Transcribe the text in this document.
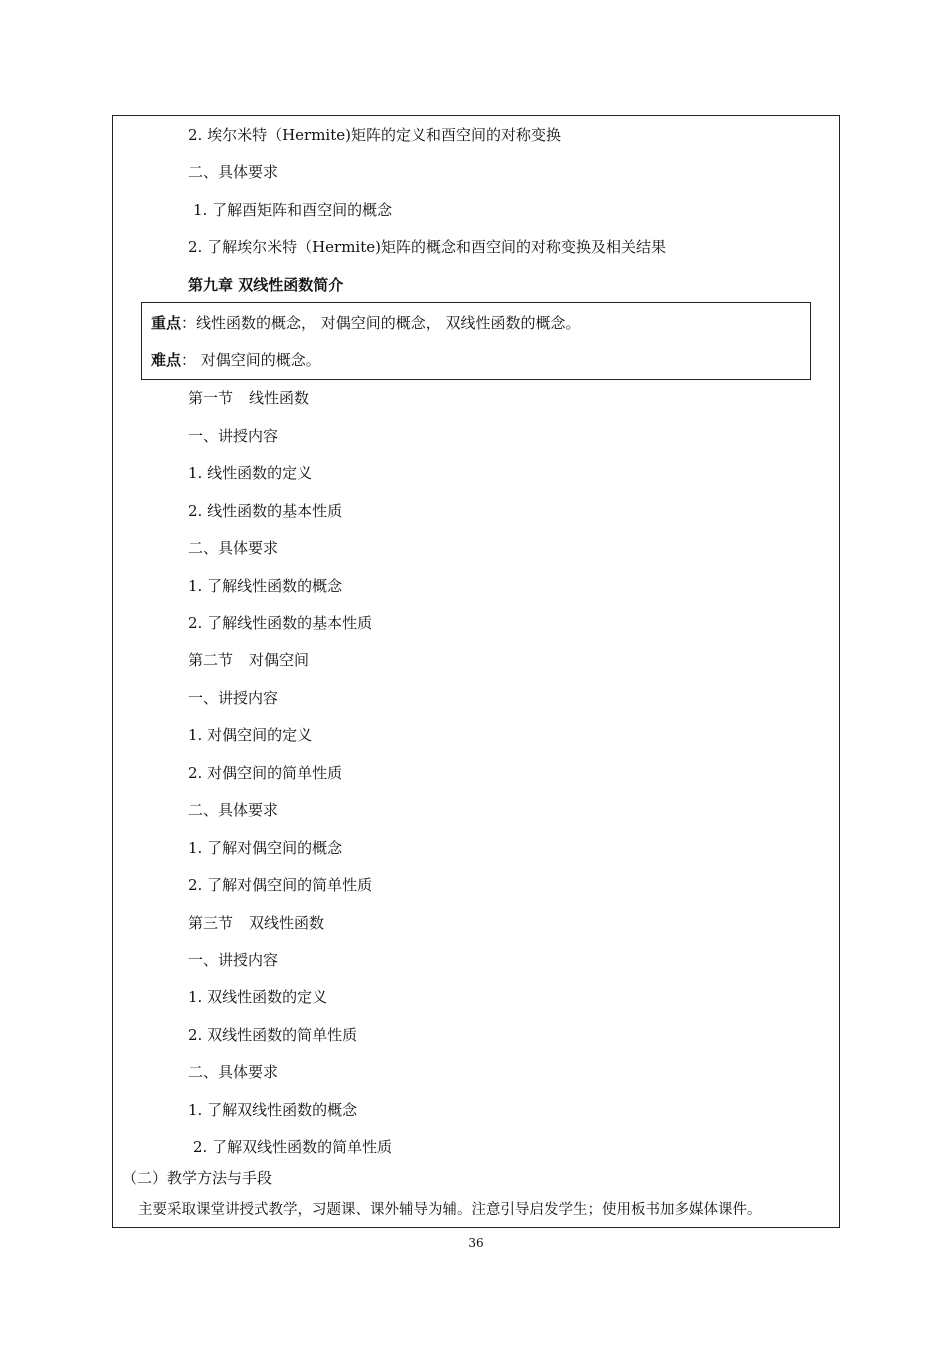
2. 埃尔米特（Hermite)矩阵的定义和酉空间的对称变换
二、具体要求
1. 了解酉矩阵和酉空间的概念
2. 了解埃尔米特（Hermite)矩阵的概念和酉空间的对称变换及相关结果
第九章 双线性函数简介
重点：线性函数的概念， 对偶空间的概念， 双线性函数的概念。
难点： 对偶空间的概念。
第一节 线性函数
一、讲授内容
1. 线性函数的定义
2. 线性函数的基本性质
二、具体要求
1. 了解线性函数的概念
2. 了解线性函数的基本性质
第二节 对偶空间
一、讲授内容
1. 对偶空间的定义
2. 对偶空间的简单性质
二、具体要求
1. 了解对偶空间的概念
2. 了解对偶空间的简单性质
第三节 双线性函数
一、讲授内容
1. 双线性函数的定义
2. 双线性函数的简单性质
二、具体要求
1. 了解双线性函数的概念
2. 了解双线性函数的简单性质
（二）教学方法与手段
主要采取课堂讲授式教学，习题课、课外辅导为辅。注意引导启发学生；使用板书加多媒体课件。
36
